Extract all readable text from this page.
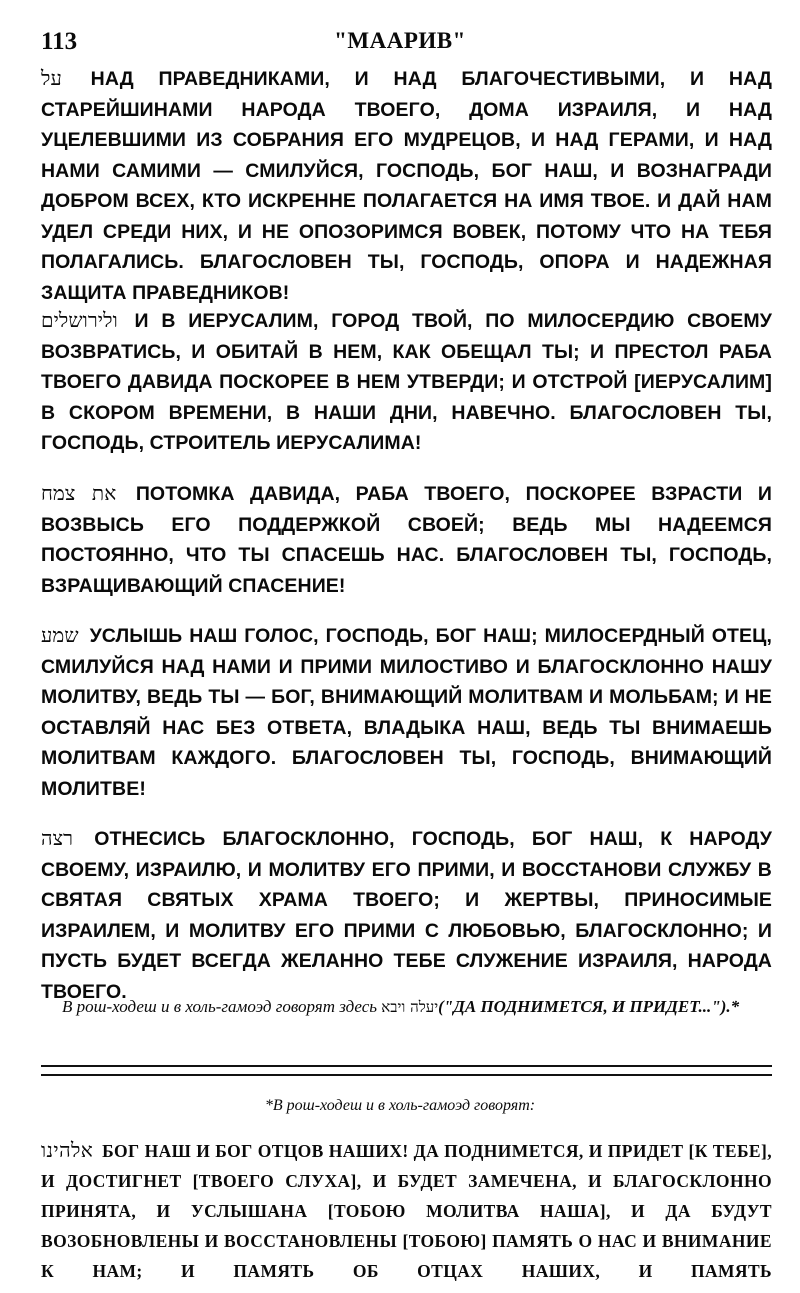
113	"МААРИВ"

על НАД ПРАВЕДНИКАМИ, И НАД БЛАГОЧЕСТИВЫМИ, И НАД СТАРЕЙШИНАМИ НАРОДА ТВОЕГО, ДОМА ИЗРАИЛЯ, И НАД УЦЕЛЕВШИМИ ИЗ СОБРАНИЯ ЕГО МУДРЕЦОВ, И НАД ГЕРАМИ, И НАД НАМИ САМИМИ — СМИЛУЙСЯ, ГОСПОДЬ, БОГ НАШ, И ВОЗНАГРАДИ ДОБРОМ ВСЕХ, КТО ИСКРЕННЕ ПОЛАГАЕТСЯ НА ИМЯ ТВОЕ. И ДАЙ НАМ УДЕЛ СРЕДИ НИХ, И НЕ ОПОЗОРИМСЯ ВОВЕК, ПОТОМУ ЧТО НА ТЕБЯ ПОЛАГАЛИСЬ. БЛАГОСЛОВЕН ТЫ, ГОСПОДЬ, ОПОРА И НАДЕЖНАЯ ЗАЩИТА ПРАВЕДНИКОВ!

ולירושלים И В ИЕРУСАЛИМ, ГОРОД ТВОЙ, ПО МИЛОСЕРДИЮ СВОЕМУ ВОЗВРАТИСЬ, И ОБИТАЙ В НЕМ, КАК ОБЕЩАЛ ТЫ; И ПРЕСТОЛ РАБА ТВОЕГО ДАВИДА ПОСКОРЕЕ В НЕМ УТВЕРДИ; И ОТСТРОЙ [ИЕРУСАЛИМ] В СКОРОМ ВРЕМЕНИ, В НАШИ ДНИ, НАВЕЧНО. БЛАГОСЛОВЕН ТЫ, ГОСПОДЬ, СТРОИТЕЛЬ ИЕРУСАЛИМА!

את צמח ПОТОМКА ДАВИДА, РАБА ТВОЕГО, ПОСКОРЕЕ ВЗРАСТИ И ВОЗВЫСЬ ЕГО ПОДДЕРЖКОЙ СВОЕЙ; ВЕДЬ МЫ НАДЕЕМСЯ ПОСТОЯННО, ЧТО ТЫ СПАСЕШЬ НАС. БЛАГОСЛОВЕН ТЫ, ГОСПОДЬ, ВЗРАЩИВАЮЩИЙ СПАСЕНИЕ!

שמע УСЛЫШЬ НАШ ГОЛОС, ГОСПОДЬ, БОГ НАШ; МИЛОСЕРДНЫЙ ОТЕЦ, СМИЛУЙСЯ НАД НАМИ И ПРИМИ МИЛОСТИВО И БЛАГОСКЛОННО НАШУ МОЛИТВУ, ВЕДЬ ТЫ — БОГ, ВНИМАЮЩИЙ МОЛИТВАМ И МОЛЬБАМ; И НЕ ОСТАВЛЯЙ НАС БЕЗ ОТВЕТА, ВЛАДЫКА НАШ, ВЕДЬ ТЫ ВНИМАЕШЬ МОЛИТВАМ КАЖДОГО. БЛАГОСЛОВЕН ТЫ, ГОСПОДЬ, ВНИМАЮЩИЙ МОЛИТВЕ!

רצה ОТНЕСИСЬ БЛАГОСКЛОННО, ГОСПОДЬ, БОГ НАШ, К НАРОДУ СВОЕМУ, ИЗРАИЛЮ, И МОЛИТВУ ЕГО ПРИМИ, И ВОССТАНОВИ СЛУЖБУ В СВЯТАЯ СВЯТЫХ ХРАМА ТВОЕГО; И ЖЕРТВЫ, ПРИНОСИМЫЕ ИЗРАИЛЕМ, И МОЛИТВУ ЕГО ПРИМИ С ЛЮБОВЬЮ, БЛАГОСКЛОННО; И ПУСТЬ БУДЕТ ВСЕГДА ЖЕЛАННО ТЕБЕ СЛУЖЕНИЕ ИЗРАИЛЯ, НАРОДА ТВОЕГО.

В рош-ходеш и в холь-гамоэд говорят здесь יעלה ויבא("ДА ПОДНИМЕТСЯ, И ПРИДЕТ...").*

*В рош-ходеш и в холь-гамоэд говорят:

אלהינו БОГ НАШ И БОГ ОТЦОВ НАШИХ! ДА ПОДНИМЕТСЯ, И ПРИДЕТ [К ТЕБЕ], И ДОСТИГНЕТ [ТВОЕГО СЛУХА], И БУДЕТ ЗАМЕЧЕНА, И БЛАГОСКЛОННО ПРИНЯТА, И УСЛЫШАНА [ТОБОЮ МОЛИТВА НАША], И ДА БУДУТ ВОЗОБНОВЛЕНЫ И ВОССТАНОВЛЕНЫ [ТОБОЮ] ПАМЯТЬ О НАС И ВНИМАНИЕ К НАМ; И ПАМЯТЬ ОБ ОТЦАХ НАШИХ, И ПАМЯТЬ
